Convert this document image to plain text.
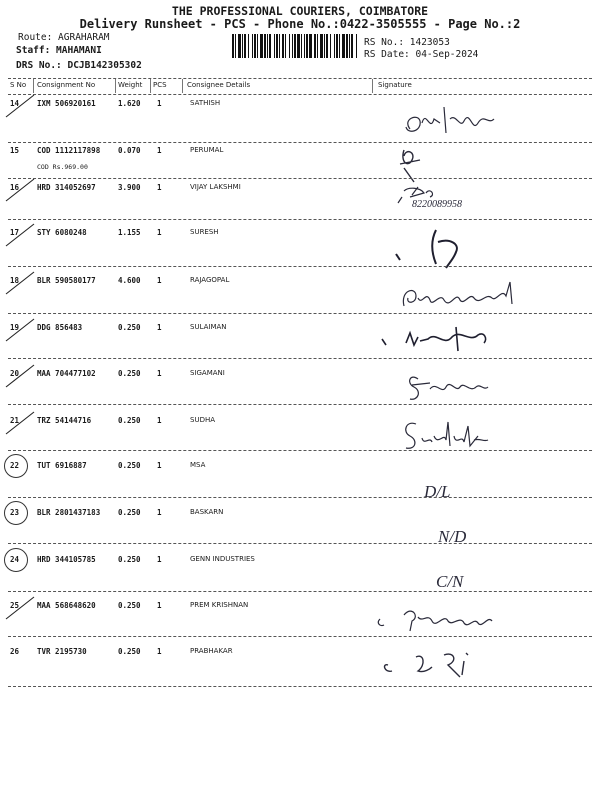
THE PROFESSIONAL COURIERS, COIMBATORE
Delivery Runsheet - PCS - Phone No.:0422-3505555 - Page No.:2
Route: AGRAHARAM
Staff: MAHAMANI
DRS No.: DCJB142305302
RS No.: 1423053
RS Date: 04-Sep-2024
S No Consignment No	Weight PCS	Consignee Details	Signature
14 IXM 506920161	1.620 1	SATHISH
15 COD 1112117898 0.070 1	PERUMAL
COD Rs.969.00
16 HRD 314052697	3.900 1	VIJAY LAKSHMI
8220089958
17 STY 6080248	1.155 1	SURESH
18 BLR 590580177	4.600 1	RAJAGOPAL
19 DDG 856483	0.250 1	SULAIMAN
20 MAA 704477102	0.250 1	SIGAMANI
21 TRZ 54144716	0.250 1	SUDHA
22 TUT 6916887	0.250 1	MSA
D/L
23 BLR 2801437183 0.250 1	BASKARN
N/D
24 HRD 344105785	0.250 1	GENN INDUSTRIES
C/N
25 MAA 568648620	0.250 1	PREM KRISHNAN
26 TVR 2195730	0.250 1	PRABHAKAR
